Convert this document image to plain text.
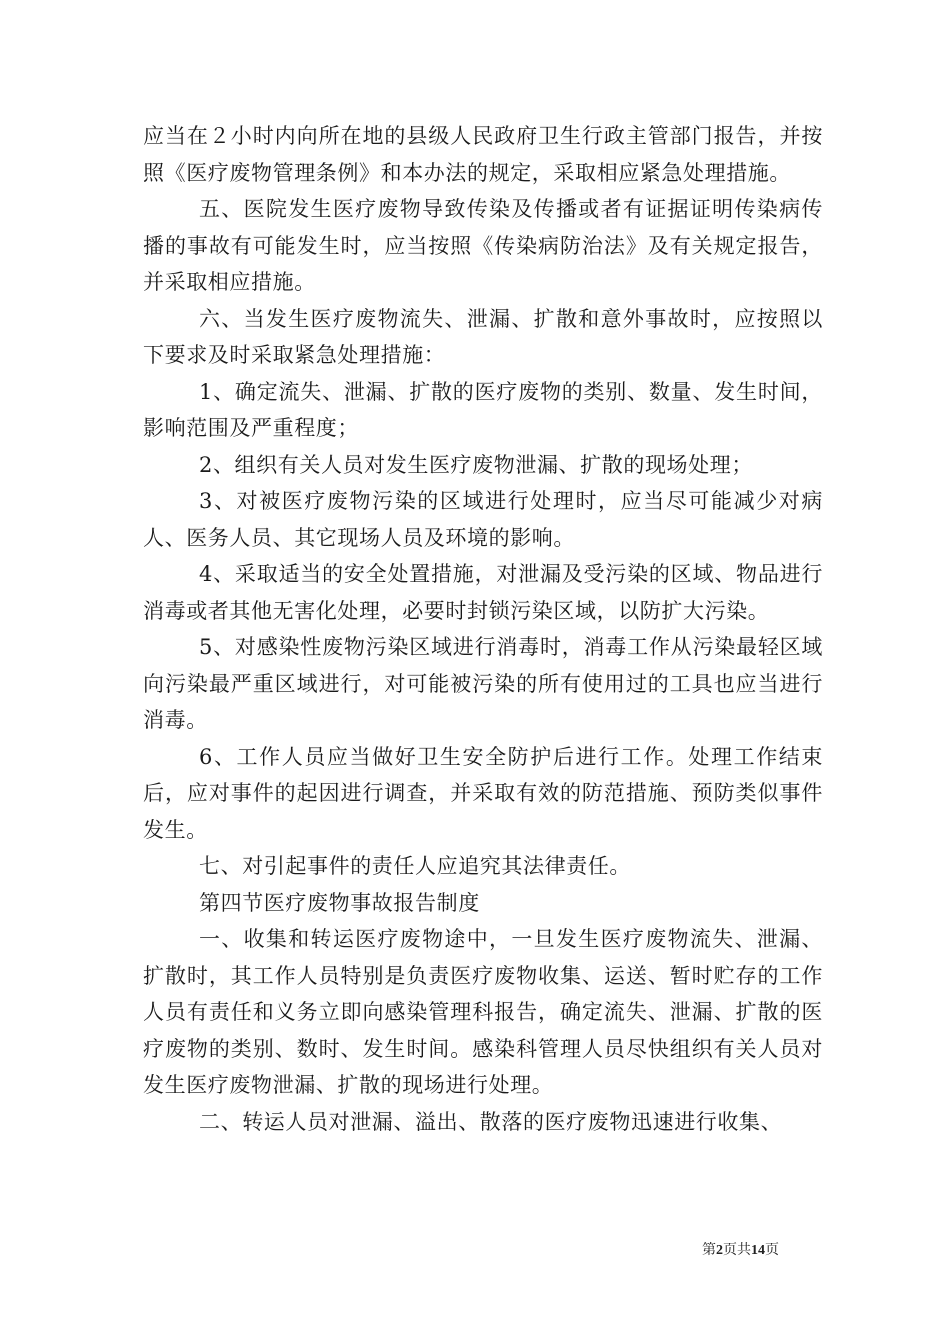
应当在２小时内向所在地的县级人民政府卫生行政主管部门报告，并按照《医疗废物管理条例》和本办法的规定，采取相应紧急处理措施。

五、医院发生医疗废物导致传染及传播或者有证据证明传染病传播的事故有可能发生时，应当按照《传染病防治法》及有关规定报告，并采取相应措施。

六、当发生医疗废物流失、泄漏、扩散和意外事故时，应按照以下要求及时采取紧急处理措施：

1、确定流失、泄漏、扩散的医疗废物的类别、数量、发生时间，影响范围及严重程度；

2、组织有关人员对发生医疗废物泄漏、扩散的现场处理；

3、对被医疗废物污染的区域进行处理时，应当尽可能减少对病人、医务人员、其它现场人员及环境的影响。

4、采取适当的安全处置措施，对泄漏及受污染的区域、物品进行消毒或者其他无害化处理，必要时封锁污染区域，以防扩大污染。

5、对感染性废物污染区域进行消毒时，消毒工作从污染最轻区域向污染最严重区域进行，对可能被污染的所有使用过的工具也应当进行消毒。

6、工作人员应当做好卫生安全防护后进行工作。处理工作结束后，应对事件的起因进行调查，并采取有效的防范措施、预防类似事件发生。

七、对引起事件的责任人应追究其法律责任。

第四节医疗废物事故报告制度

一、收集和转运医疗废物途中，一旦发生医疗废物流失、泄漏、扩散时，其工作人员特别是负责医疗废物收集、运送、暂时贮存的工作人员有责任和义务立即向感染管理科报告，确定流失、泄漏、扩散的医疗废物的类别、数时、发生时间。感染科管理人员尽快组织有关人员对发生医疗废物泄漏、扩散的现场进行处理。

二、转运人员对泄漏、溢出、散落的医疗废物迅速进行收集、

第2页共14页
